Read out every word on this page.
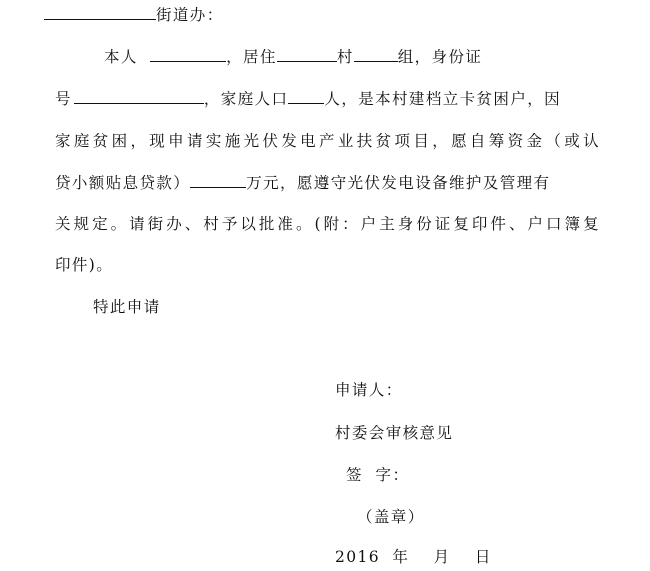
街道办：
本人	，居住	村	组，身份证
号	，家庭人口 人，是本村建档立卡贫困户，因
家庭贫困，现申请实施光伏发电产业扶贫项目，愿自筹资金（或认
贷小额贴息贷款）	万元，愿遵守光伏发电设备维护及管理有
关规定。请街办、村予以批准。(附：户主身份证复印件、户口簿复
印件)。
特此申请
申请人：
村委会审核意见
签  字：
（盖章）
2016 年 月 日
